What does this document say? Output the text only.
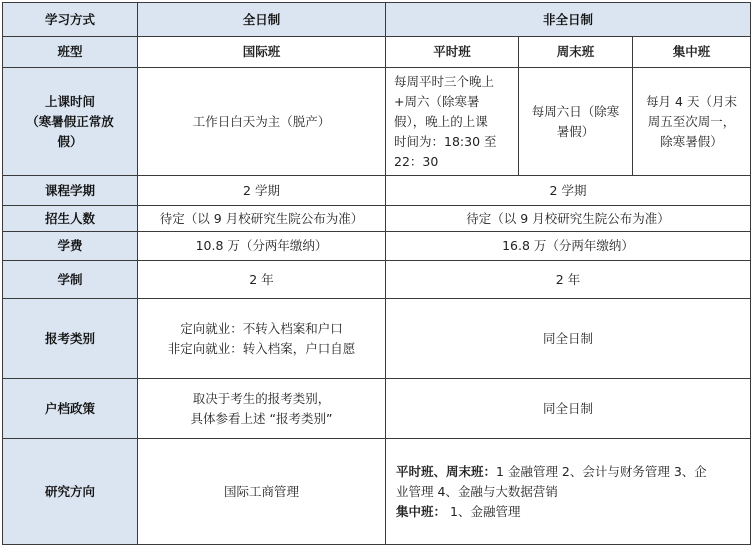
学习方式	全日制	非全日制		
班型	国际班	平时班	周末班	集中班

上课时间
（寒暑假正常放
假）	工作日白天为主（脱产）	每周平时三个晚上
+周六（除寒暑
假），晚上的上课
时间为：18:30 至
22：30	每周六日（除寒
暑假）	每月 4 天（月末
周五至次周一，
除寒暑假）

课程学期	2 学期	2 学期		
招生人数	待定（以 9 月校研究生院公布为准）	待定（以 9 月校研究生院公布为准）		
学费	10.8 万（分两年缴纳）	16.8 万（分两年缴纳）		
学制	2 年	2 年		
报考类别	定向就业：不转入档案和户口
非定向就业：转入档案，户口自愿	同全日制		
户档政策	取决于考生的报考类别，
具体参看上述 “报考类别”	同全日制		
研究方向	国际工商管理	平时班、周末班：1 金融管理 2、会计与财务管理 3、企
业管理 4、金融与大数据营销
集中班： 1、金融管理		
